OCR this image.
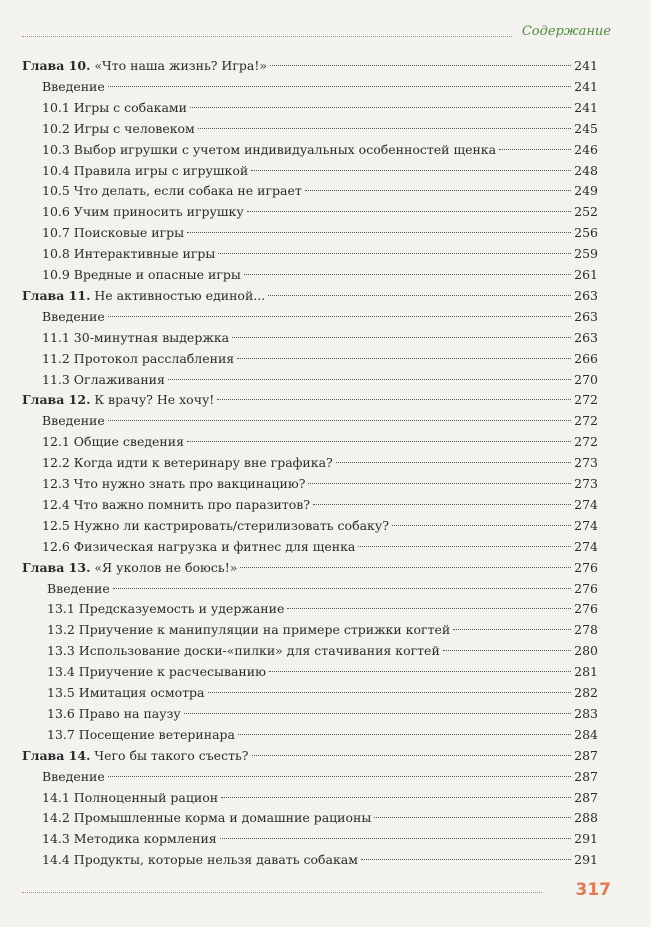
Содержание
Глава 10. «Что наша жизнь? Игра!»	241
Введение	241
10.1 Игры с собаками	241
10.2 Игры с человеком	245
10.3 Выбор игрушки с учетом индивидуальных особенностей щенка	246
10.4 Правила игры с игрушкой	248
10.5 Что делать, если собака не играет	249
10.6 Учим приносить игрушку	252
10.7 Поисковые игры	256
10.8 Интерактивные игры	259
10.9 Вредные и опасные игры	261
Глава 11. Не активностью единой...	263
Введение	263
11.1 30-минутная выдержка	263
11.2 Протокол расслабления	266
11.3 Оглаживания	270
Глава 12. К врачу? Не хочу!	272
Введение	272
12.1 Общие сведения	272
12.2 Когда идти к ветеринару вне графика?	273
12.3 Что нужно знать про вакцинацию?	273
12.4 Что важно помнить про паразитов?	274
12.5 Нужно ли кастрировать/стерилизовать собаку?	274
12.6 Физическая нагрузка и фитнес для щенка	274
Глава 13. «Я уколов не боюсь!»	276
Введение	276
13.1 Предсказуемость и удержание	276
13.2 Приучение к манипуляции на примере стрижки когтей	278
13.3 Использование доски-«пилки» для стачивания когтей	280
13.4 Приучение к расчесыванию	281
13.5 Имитация осмотра	282
13.6 Право на паузу	283
13.7 Посещение ветеринара	284
Глава 14. Чего бы такого съесть?	287
Введение	287
14.1 Полноценный рацион	287
14.2 Промышленные корма и домашние рационы	288
14.3 Методика кормления	291
14.4 Продукты, которые нельзя давать собакам	291
317
